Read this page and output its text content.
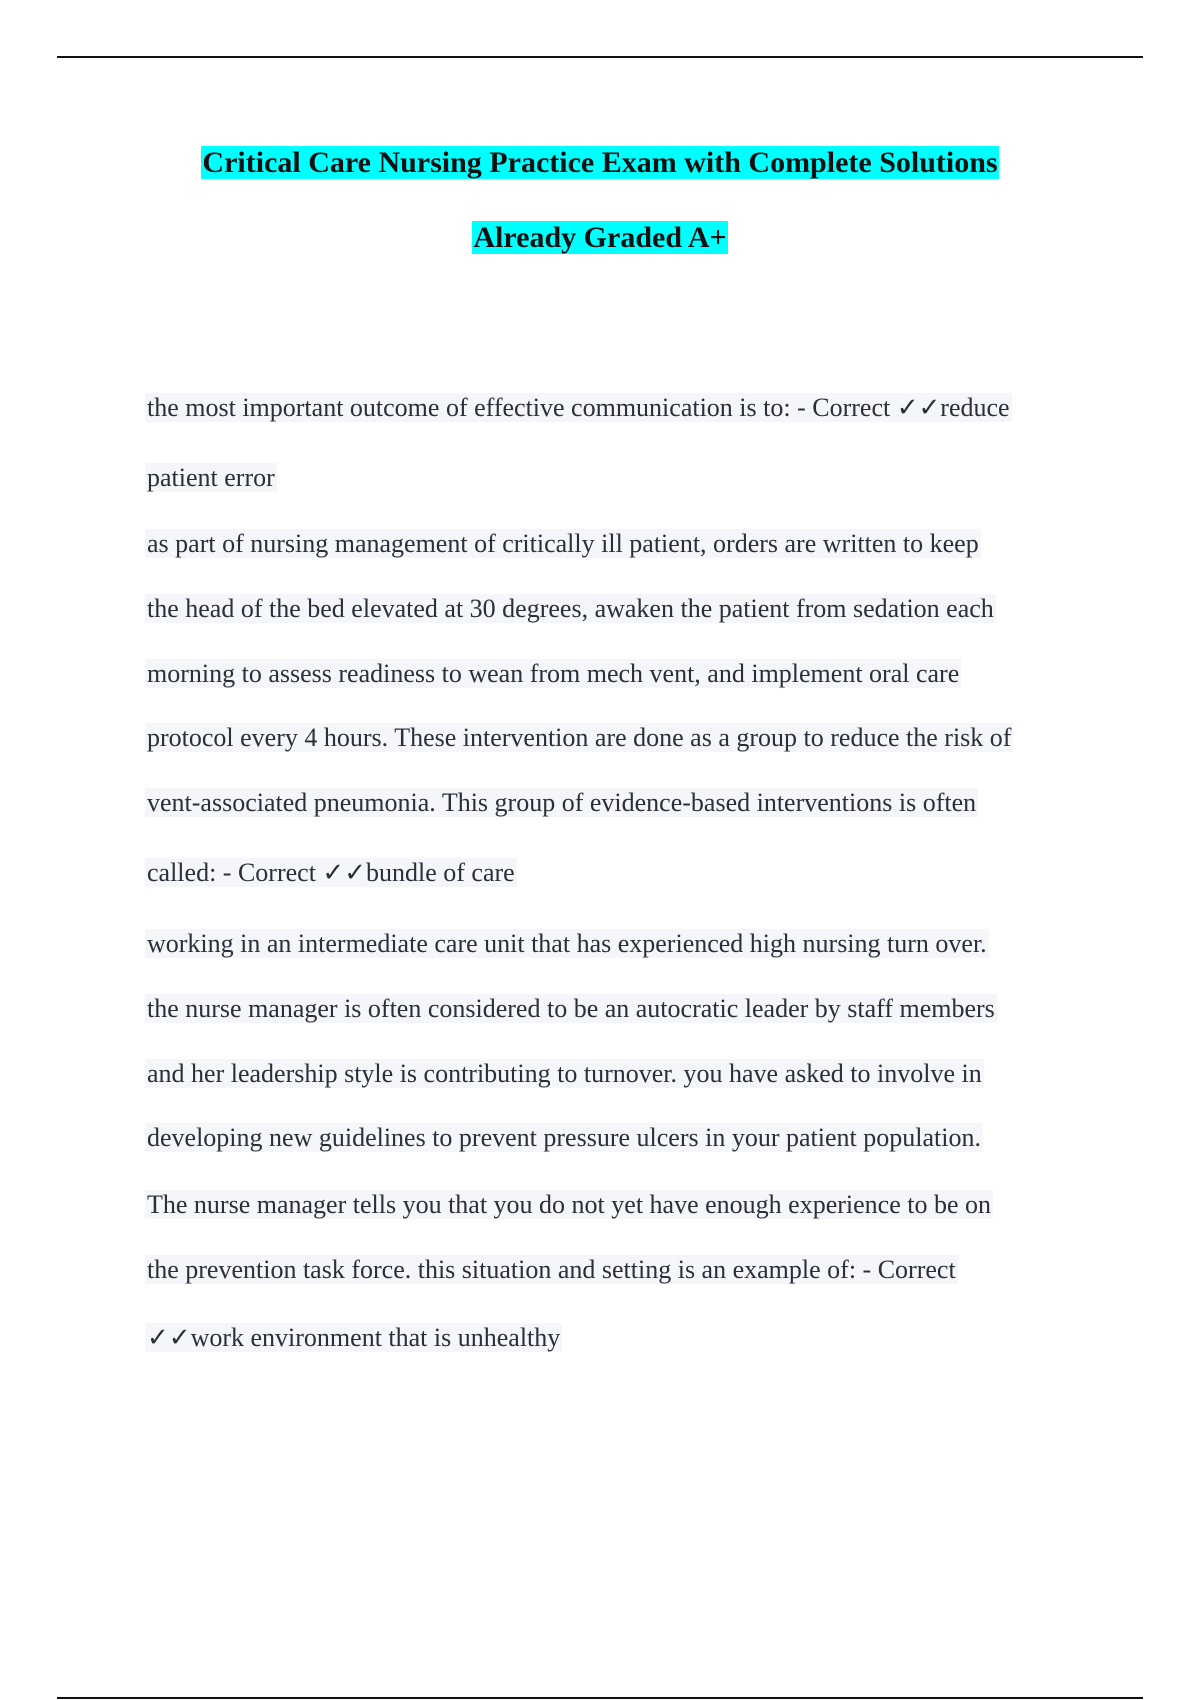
Critical Care Nursing Practice Exam with Complete Solutions
Already Graded A+
the most important outcome of effective communication is to: - Correct ✓✓reduce
patient error
as part of nursing management of critically ill patient, orders are written to keep
the head of the bed elevated at 30 degrees, awaken the patient from sedation each
morning to assess readiness to wean from mech vent, and implement oral care
protocol every 4 hours. These intervention are done as a group to reduce the risk of
vent-associated pneumonia. This group of evidence-based interventions is often
called: - Correct ✓✓bundle of care
working in an intermediate care unit that has experienced high nursing turn over.
the nurse manager is often considered to be an autocratic leader by staff members
and her leadership style is contributing to turnover. you have asked to involve in
developing new guidelines to prevent pressure ulcers in your patient population.
The nurse manager tells you that you do not yet have enough experience to be on
the prevention task force. this situation and setting is an example of: - Correct
✓✓work environment that is unhealthy
